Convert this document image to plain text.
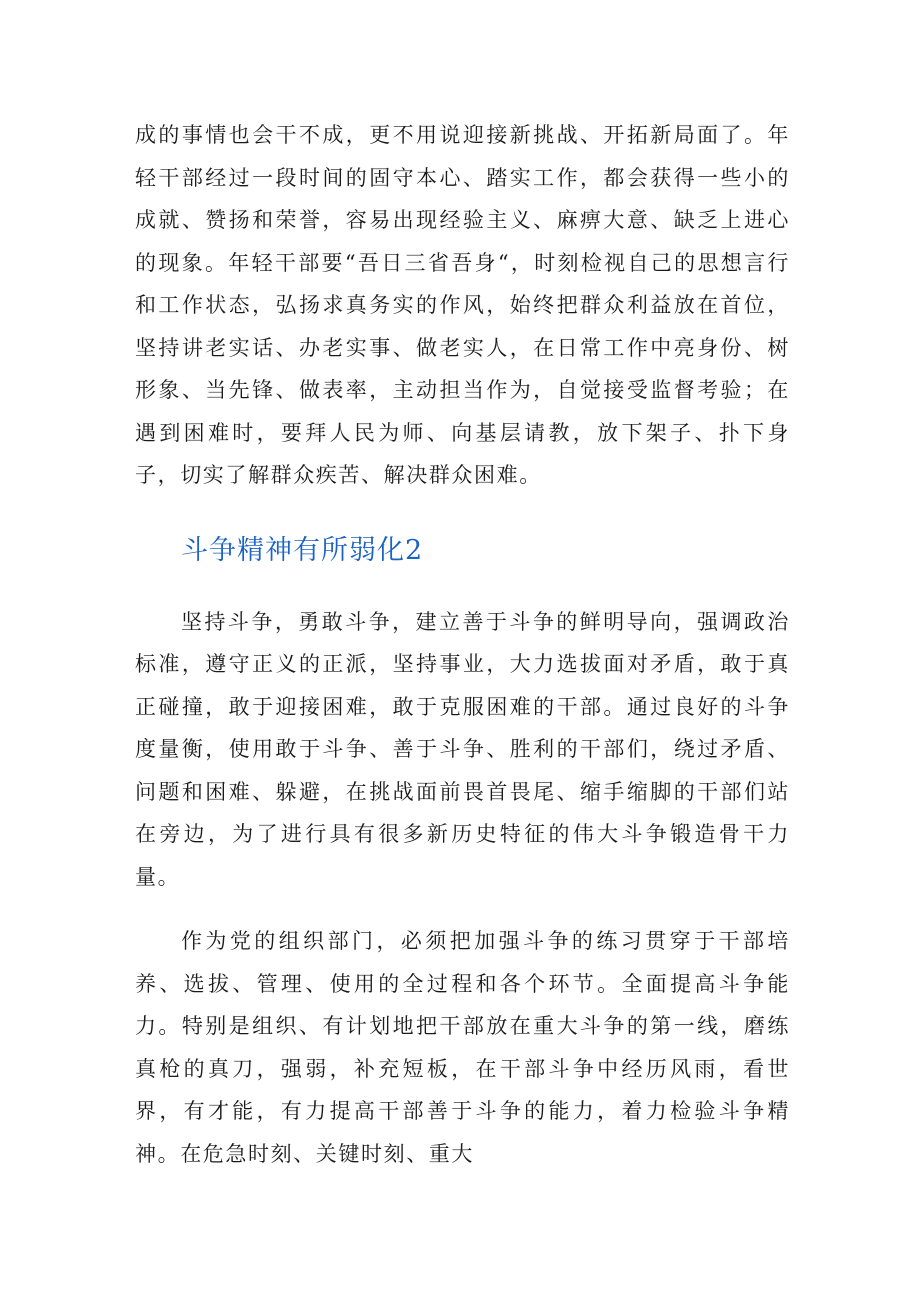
成的事情也会干不成，更不用说迎接新挑战、开拓新局面了。年轻干部经过一段时间的固守本心、踏实工作，都会获得一些小的成就、赞扬和荣誉，容易出现经验主义、麻痹大意、缺乏上进心的现象。年轻干部要“吾日三省吾身“，时刻检视自己的思想言行和工作状态，弘扬求真务实的作风，始终把群众利益放在首位，坚持讲老实话、办老实事、做老实人，在日常工作中亮身份、树形象、当先锋、做表率，主动担当作为，自觉接受监督考验；在遇到困难时，要拜人民为师、向基层请教，放下架子、扑下身子，切实了解群众疾苦、解决群众困难。

斗争精神有所弱化2

坚持斗争，勇敢斗争，建立善于斗争的鲜明导向，强调政治标准，遵守正义的正派，坚持事业，大力选拔面对矛盾，敢于真正碰撞，敢于迎接困难，敢于克服困难的干部。通过良好的斗争度量衡，使用敢于斗争、善于斗争、胜利的干部们，绕过矛盾、问题和困难、躲避，在挑战面前畏首畏尾、缩手缩脚的干部们站在旁边，为了进行具有很多新历史特征的伟大斗争锻造骨干力量。

作为党的组织部门，必须把加强斗争的练习贯穿于干部培养、选拔、管理、使用的全过程和各个环节。全面提高斗争能力。特别是组织、有计划地把干部放在重大斗争的第一线，磨练真枪的真刀，强弱，补充短板，在干部斗争中经历风雨，看世界，有才能，有力提高干部善于斗争的能力，着力检验斗争精神。在危急时刻、关键时刻、重大
